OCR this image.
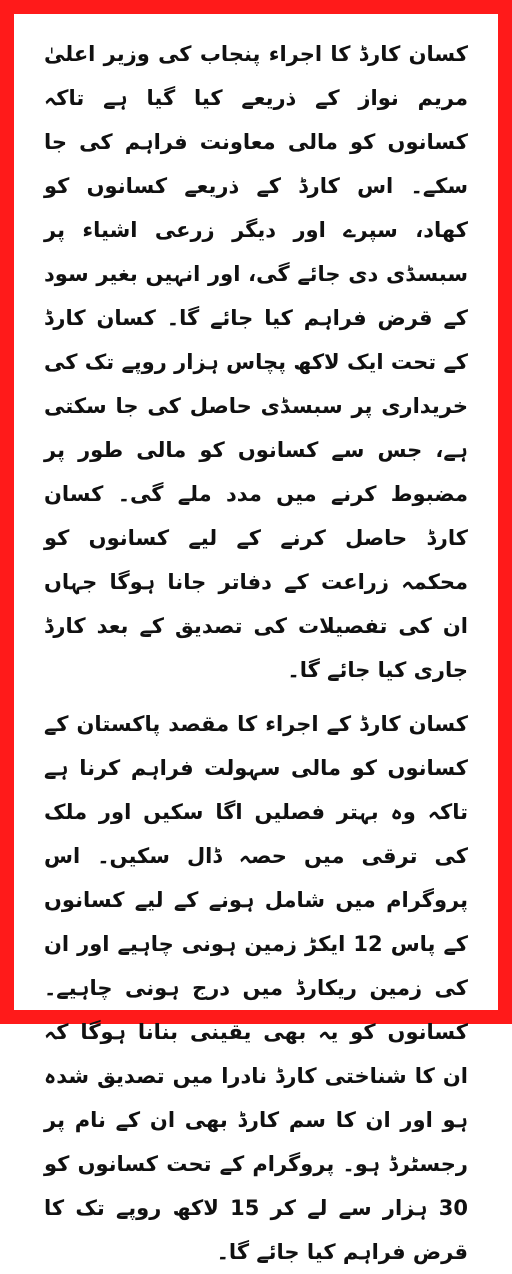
کسان کارڈ کا اجراء پنجاب کی وزیر اعلیٰ مریم نواز کے ذریعے کیا گیا ہے تاکہ کسانوں کو مالی معاونت فراہم کی جا سکے۔ اس کارڈ کے ذریعے کسانوں کو کھاد، سپرے اور دیگر زرعی اشیاء پر سبسڈی دی جائے گی، اور انہیں بغیر سود کے قرض فراہم کیا جائے گا۔ کسان کارڈ کے تحت ایک لاکھ پچاس ہزار روپے تک کی خریداری پر سبسڈی حاصل کی جا سکتی ہے، جس سے کسانوں کو مالی طور پر مضبوط کرنے میں مدد ملے گی۔ کسان کارڈ حاصل کرنے کے لیے کسانوں کو محکمہ زراعت کے دفاتر جانا ہوگا جہاں ان کی تفصیلات کی تصدیق کے بعد کارڈ جاری کیا جائے گا۔

کسان کارڈ کے اجراء کا مقصد پاکستان کے کسانوں کو مالی سہولت فراہم کرنا ہے تاکہ وہ بہتر فصلیں اگا سکیں اور ملک کی ترقی میں حصہ ڈال سکیں۔ اس پروگرام میں شامل ہونے کے لیے کسانوں کے پاس 12 ایکڑ زمین ہونی چاہیے اور ان کی زمین ریکارڈ میں درج ہونی چاہیے۔ کسانوں کو یہ بھی یقینی بنانا ہوگا کہ ان کا شناختی کارڈ نادرا میں تصدیق شدہ ہو اور ان کا سم کارڈ بھی ان کے نام پر رجسٹرڈ ہو۔ پروگرام کے تحت کسانوں کو 30 ہزار سے لے کر 15 لاکھ روپے تک کا قرض فراہم کیا جائے گا۔
